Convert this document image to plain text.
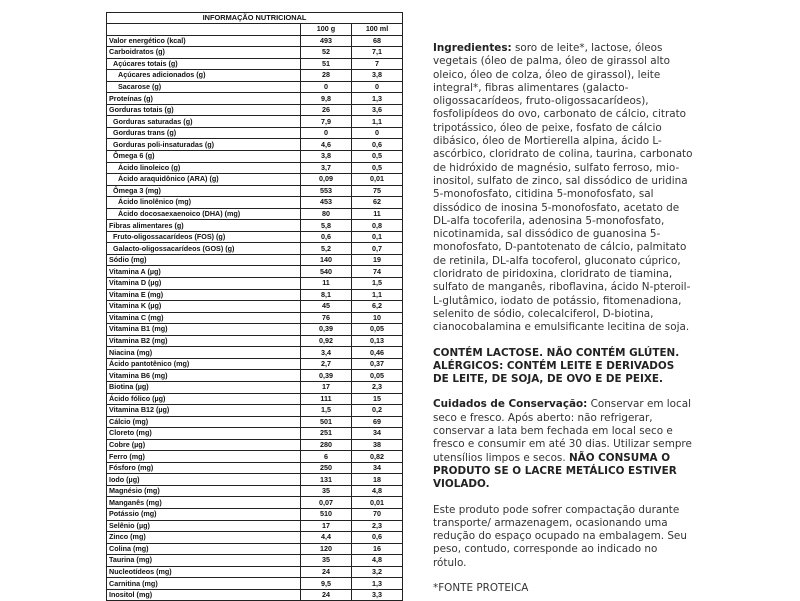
INFORMAÇÃO NUTRICIONAL		
	100 g	100 ml
Valor energético (kcal)	493	68
Carboidratos (g)	52	7,1
Açúcares totais (g)	51	7
Açúcares adicionados (g)	28	3,8
Sacarose (g)	0	0
Proteínas (g)	9,8	1,3
Gorduras totais (g)	26	3,6
Gorduras saturadas (g)	7,9	1,1
Gorduras trans (g)	0	0
Gorduras poli-insaturadas (g)	4,6	0,6
Ômega 6 (g)	3,8	0,5
Ácido linoleico (g)	3,7	0,5
Ácido araquidônico (ARA) (g)	0,09	0,01
Ômega 3 (mg)	553	75
Ácido linolênico (mg)	453	62
Ácido docosaexaenoico (DHA) (mg)	80	11
Fibras alimentares (g)	5,8	0,8
Fruto-oligossacarídeos (FOS) (g)	0,6	0,1
Galacto-oligossacarídeos (GOS) (g)	5,2	0,7
Sódio (mg)	140	19
Vitamina A (µg)	540	74
Vitamina D (µg)	11	1,5
Vitamina E (mg)	8,1	1,1
Vitamina K (µg)	45	6,2
Vitamina C (mg)	76	10
Vitamina B1 (mg)	0,39	0,05
Vitamina B2 (mg)	0,92	0,13
Niacina (mg)	3,4	0,46
Ácido pantotênico (mg)	2,7	0,37
Vitamina B6 (mg)	0,39	0,05
Biotina (µg)	17	2,3
Ácido fólico (µg)	111	15
Vitamina B12 (µg)	1,5	0,2
Cálcio (mg)	501	69
Cloreto (mg)	251	34
Cobre (µg)	280	38
Ferro (mg)	6	0,82
Fósforo (mg)	250	34
Iodo (µg)	131	18
Magnésio (mg)	35	4,8
Manganês (mg)	0,07	0,01
Potássio (mg)	510	70
Selênio (µg)	17	2,3
Zinco (mg)	4,4	0,6
Colina (mg)	120	16
Taurina (mg)	35	4,8
Nucleotídeos (mg)	24	3,2
Carnitina (mg)	9,5	1,3
Inositol (mg)	24	3,3

Ingredientes: soro de leite*, lactose, óleos vegetais (óleo de palma, óleo de girassol alto oleico, óleo de colza, óleo de girassol), leite integral*, fibras alimentares (galacto-oligossacarídeos, fruto-oligossacarídeos), fosfolipídeos do ovo, carbonato de cálcio, citrato tripotássico, óleo de peixe, fosfato de cálcio dibásico, óleo de Mortierella alpina, ácido L-ascórbico, cloridrato de colina, taurina, carbonato de hidróxido de magnésio, sulfato ferroso, mio-inositol, sulfato de zinco, sal dissódico de uridina 5-monofosfato, citidina 5-monofosfato, sal dissódico de inosina 5-monofosfato, acetato de DL-alfa tocoferila, adenosina 5-monofosfato, nicotinamida, sal dissódico de guanosina 5-monofosfato, D-pantotenato de cálcio, palmitato de retinila, DL-alfa tocoferol, gluconato cúprico, cloridrato de piridoxina, cloridrato de tiamina, sulfato de manganês, riboflavina, ácido N-pteroil-L-glutâmico, iodato de potássio, fitomenadiona, selenito de sódio, colecalciferol, D-biotina, cianocobalamina e emulsificante lecitina de soja.

CONTÉM LACTOSE. NÃO CONTÉM GLÚTEN. ALÉRGICOS: CONTÉM LEITE E DERIVADOS DE LEITE, DE SOJA, DE OVO E DE PEIXE.

Cuidados de Conservação: Conservar em local seco e fresco. Após aberto: não refrigerar, conservar a lata bem fechada em local seco e fresco e consumir em até 30 dias. Utilizar sempre utensílios limpos e secos. NÃO CONSUMA O PRODUTO SE O LACRE METÁLICO ESTIVER VIOLADO.

Este produto pode sofrer compactação durante transporte/ armazenagem, ocasionando uma redução do espaço ocupado na embalagem. Seu peso, contudo, corresponde ao indicado no rótulo.

*FONTE PROTEICA
